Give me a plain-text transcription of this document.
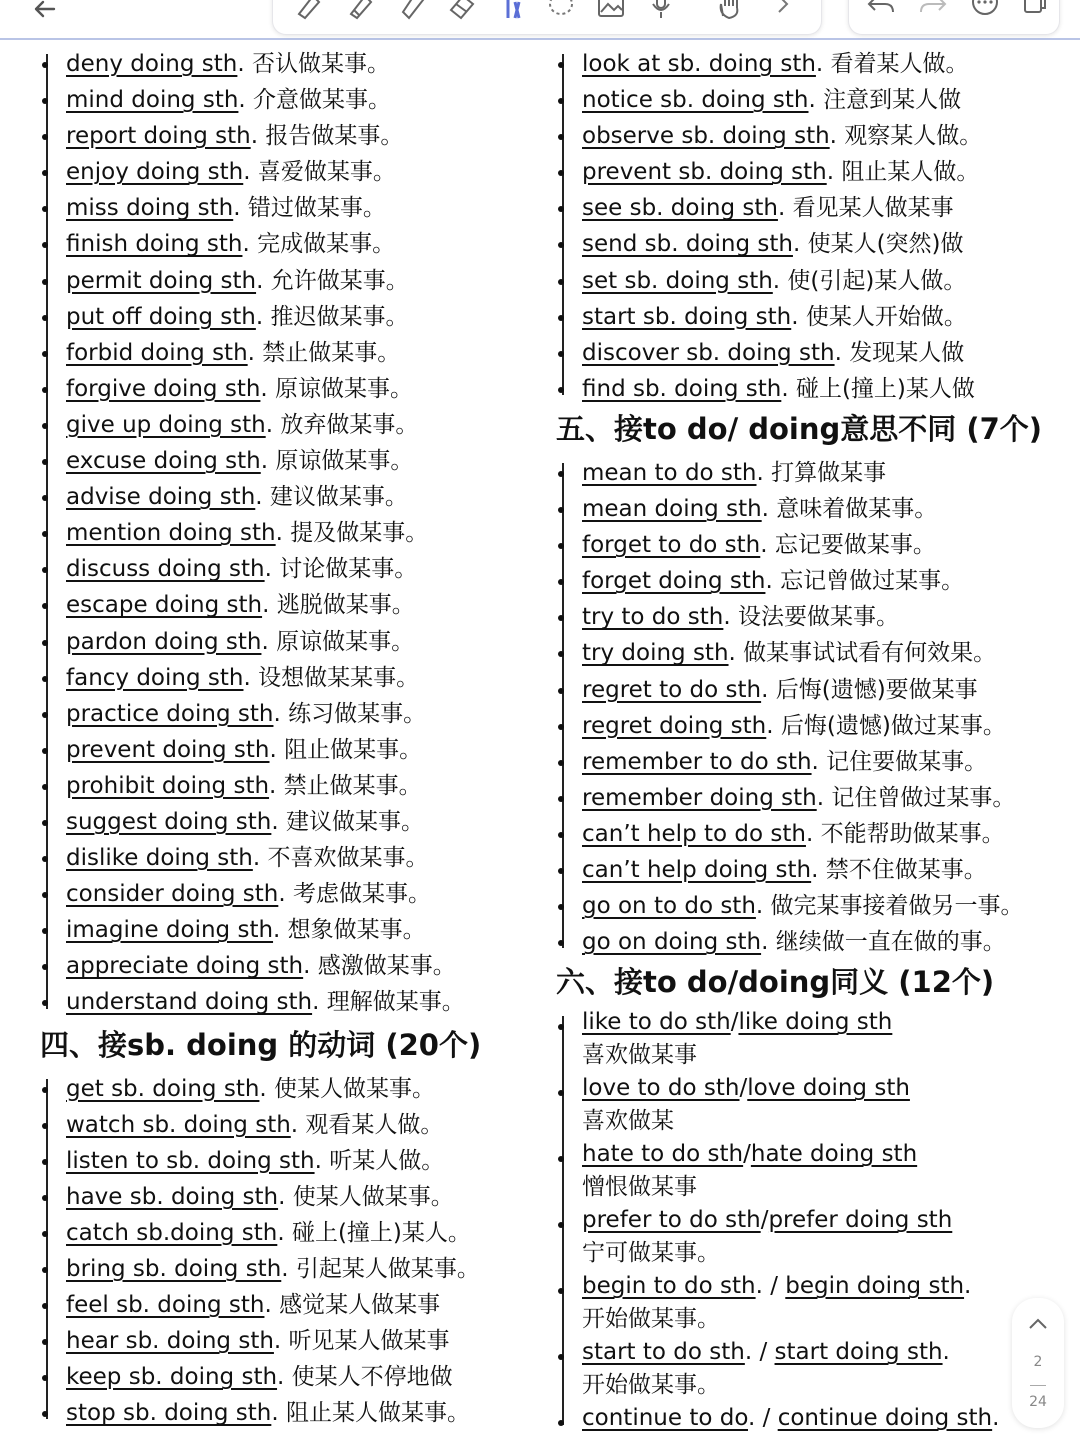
deny doing sth. 否认做某事。
mind doing sth. 介意做某事。
report doing sth. 报告做某事。
enjoy doing sth. 喜爱做某事。
miss doing sth. 错过做某事。
finish doing sth. 完成做某事。
permit doing sth. 允许做某事。
put off doing sth. 推迟做某事。
forbid doing sth. 禁止做某事。
forgive doing sth. 原谅做某事。
give up doing sth. 放弃做某事。
excuse doing sth. 原谅做某事。
advise doing sth. 建议做某事。
mention doing sth. 提及做某事。
discuss doing sth. 讨论做某事。
escape doing sth. 逃脱做某事。
pardon doing sth. 原谅做某事。
fancy doing sth. 设想做某某事。
practice doing sth. 练习做某事。
prevent doing sth. 阻止做某事。
prohibit doing sth. 禁止做某事。
suggest doing sth. 建议做某事。
dislike doing sth. 不喜欢做某事。
consider doing sth. 考虑做某事。
imagine doing sth. 想象做某事。
appreciate doing sth. 感激做某事。
understand doing sth. 理解做某事。
四、接sb. doing 的动词 (20个)
get sb. doing sth. 使某人做某事。
watch sb. doing sth. 观看某人做。
listen to sb. doing sth. 听某人做。
have sb. doing sth. 使某人做某事。
catch sb.doing sth. 碰上(撞上)某人。
bring sb. doing sth. 引起某人做某事。
feel sb. doing sth. 感觉某人做某事
hear sb. doing sth. 听见某人做某事
keep sb. doing sth. 使某人不停地做
stop sb. doing sth. 阻止某人做某事。
look at sb. doing sth. 看着某人做。
notice sb. doing sth. 注意到某人做
observe sb. doing sth. 观察某人做。
prevent sb. doing sth. 阻止某人做。
see sb. doing sth. 看见某人做某事
send sb. doing sth. 使某人(突然)做
set sb. doing sth. 使(引起)某人做。
start sb. doing sth. 使某人开始做。
discover sb. doing sth. 发现某人做
find sb. doing sth. 碰上(撞上)某人做
五、接to do/ doing意思不同 (7个)
mean to do sth. 打算做某事
mean doing sth. 意味着做某事。
forget to do sth. 忘记要做某事。
forget doing sth. 忘记曾做过某事。
try to do sth. 设法要做某事。
try doing sth. 做某事试试看有何效果。
regret to do sth. 后悔(遗憾)要做某事
regret doing sth. 后悔(遗憾)做过某事。
remember to do sth. 记住要做某事。
remember doing sth. 记住曾做过某事。
can’t help to do sth. 不能帮助做某事。
can’t help doing sth. 禁不住做某事。
go on to do sth. 做完某事接着做另一事。
go on doing sth. 继续做一直在做的事。
六、接to do/doing同义 (12个)
like to do sth/like doing sth
喜欢做某事
love to do sth/love doing sth
喜欢做某
hate to do sth/hate doing sth
憎恨做某事
prefer to do sth/prefer doing sth
宁可做某事。
begin to do sth. / begin doing sth.
开始做某事。
start to do sth. / start doing sth.
开始做某事。
continue to do. / continue doing sth.
2
24
